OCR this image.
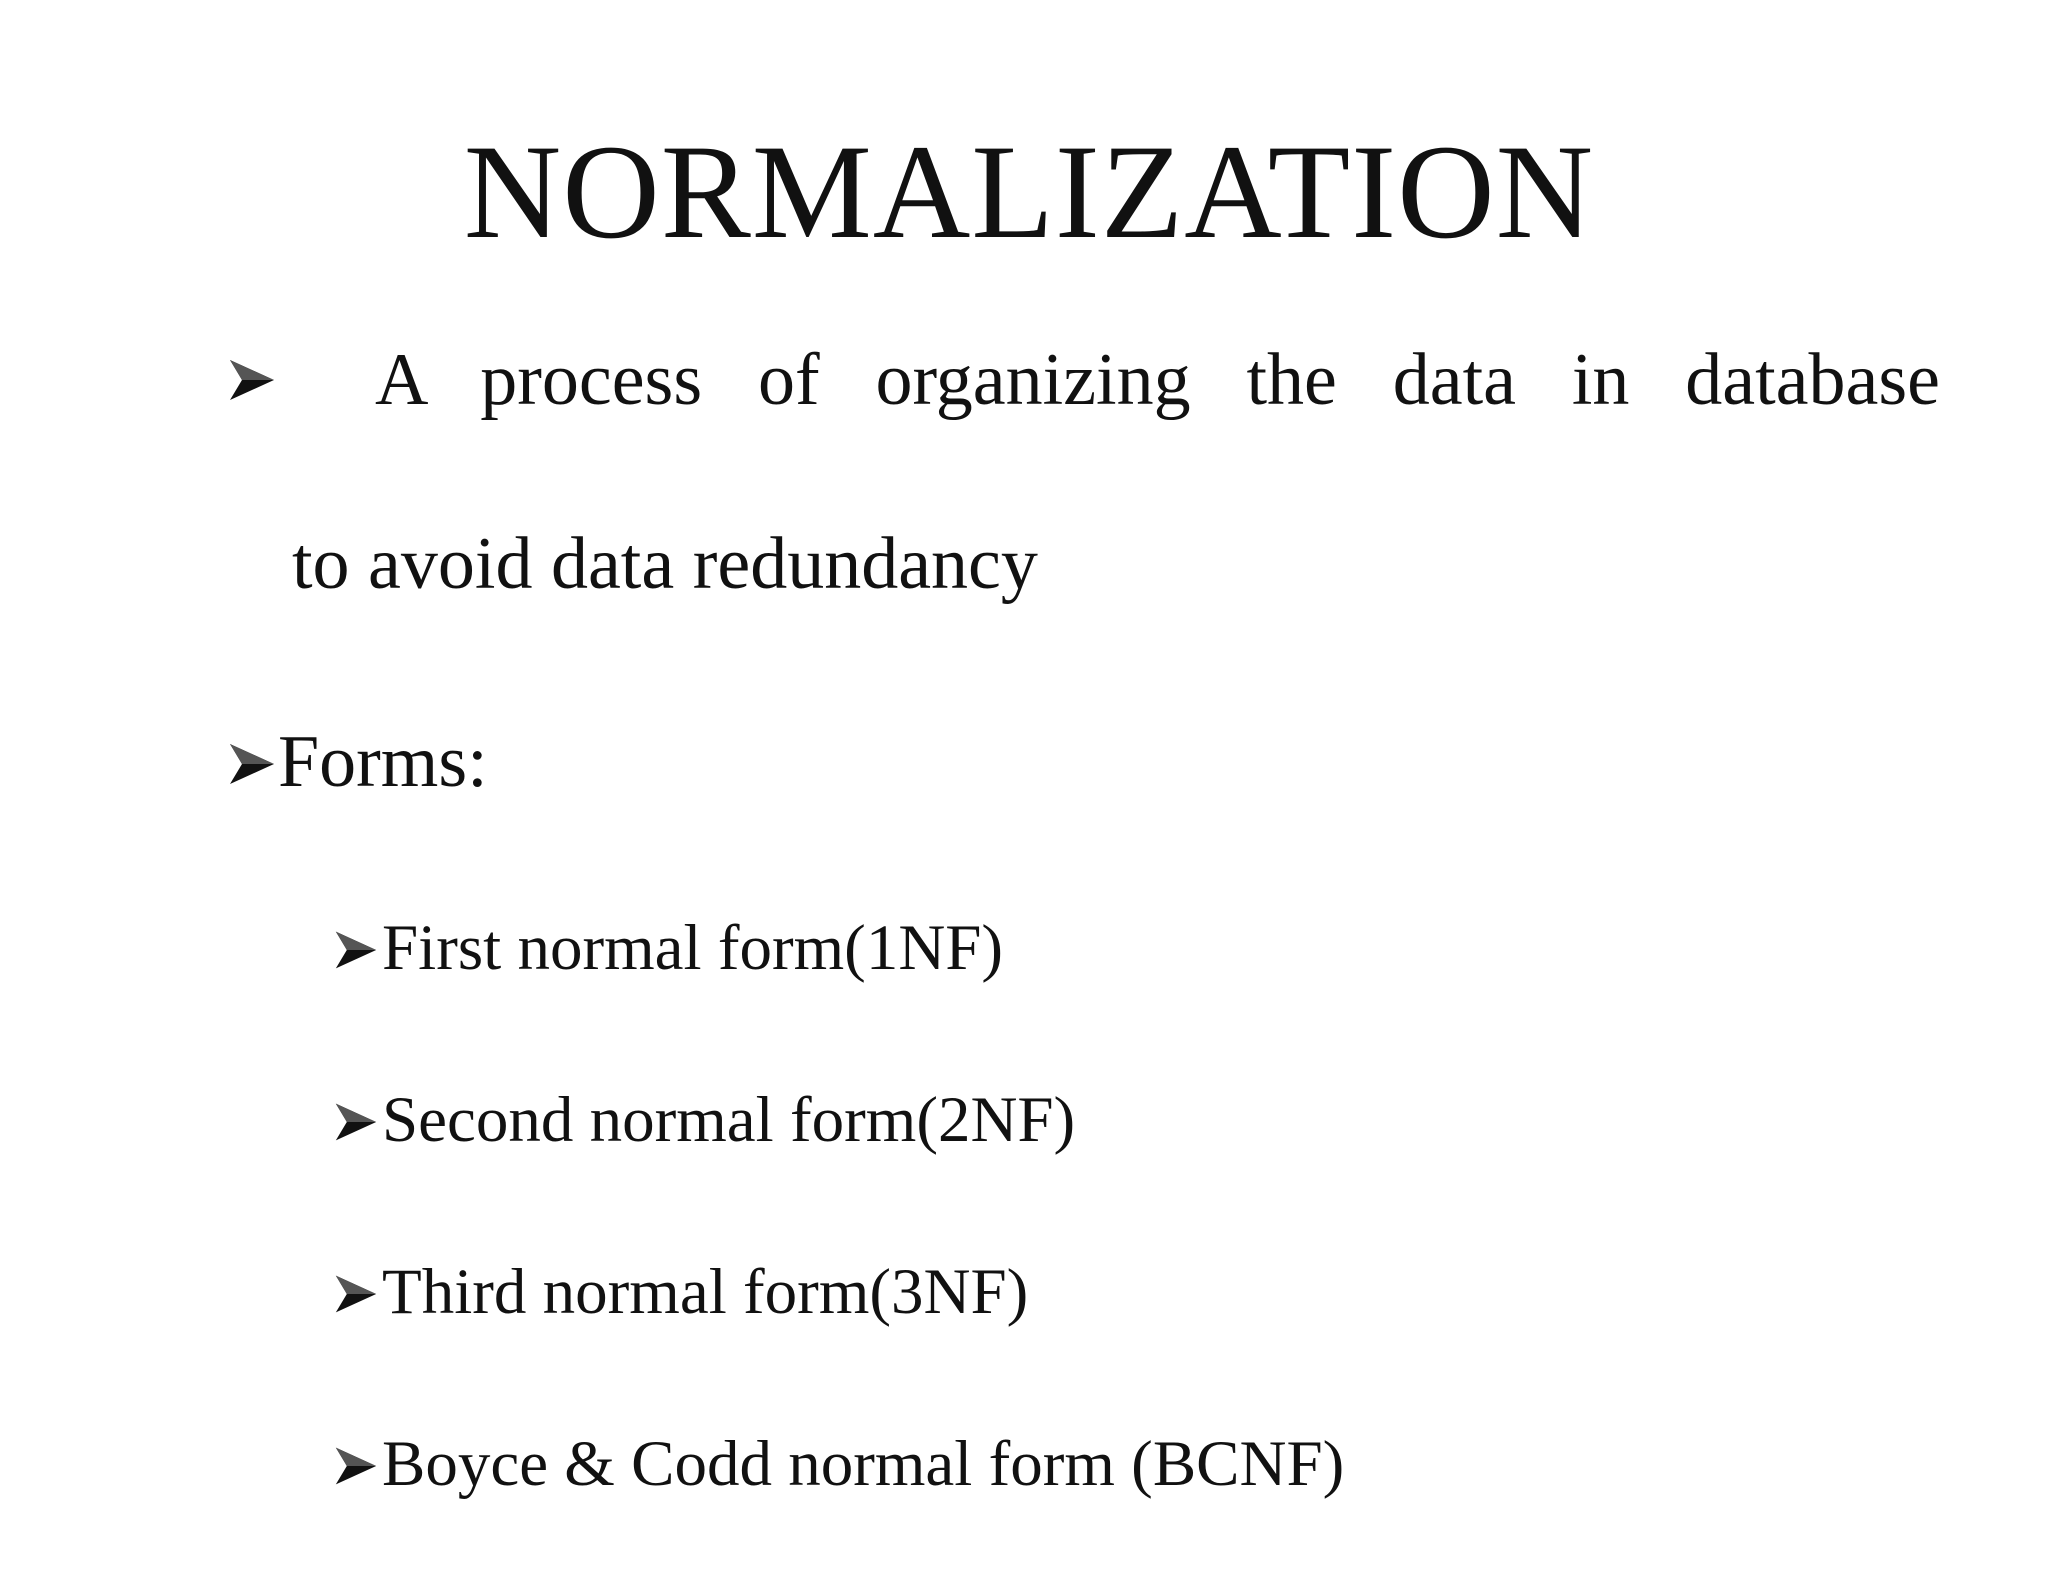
NORMALIZATION
A process of organizing the data in database
to avoid data redundancy
Forms:
First normal form(1NF)
Second normal form(2NF)
Third normal form(3NF)
Boyce & Codd normal form (BCNF)
